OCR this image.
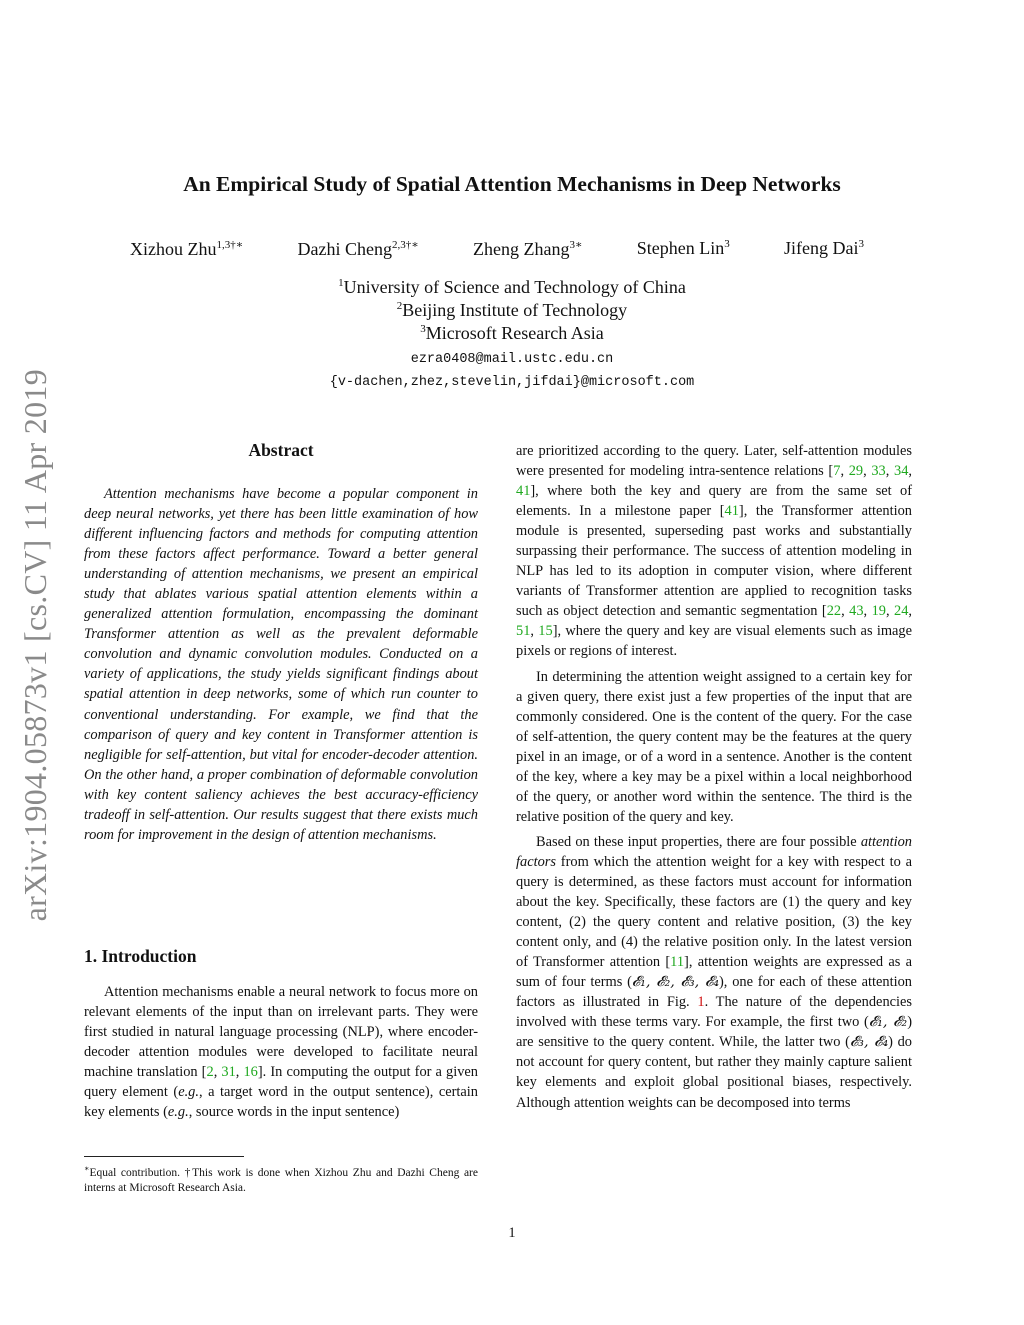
arXiv:1904.05873v1 [cs.CV] 11 Apr 2019
An Empirical Study of Spatial Attention Mechanisms in Deep Networks
Xizhou Zhu$^{1,3\dagger∗}$	Dazhi Cheng$^{2,3\dagger∗}$	Zheng Zhang$^{3∗}$	Stephen Lin$^3$	Jifeng Dai$^3$
$^1$University of Science and Technology of China
$^2$Beijing Institute of Technology
$^3$Microsoft Research Asia
ezra0408@mail.ustc.edu.cn
{v-dachen,zhez,stevelin,jifdai}@microsoft.com
Abstract

Attention mechanisms have become a popular component in deep neural networks, yet there has been little examination of how different influencing factors and methods for computing attention from these factors affect performance. Toward a better general understanding of attention mechanisms, we present an empirical study that ablates various spatial attention elements within a generalized attention formulation, encompassing the dominant Transformer attention as well as the prevalent deformable convolution and dynamic convolution modules. Conducted on a variety of applications, the study yields significant findings about spatial attention in deep networks, some of which run counter to conventional understanding. For example, we find that the comparison of query and key content in Transformer attention is negligible for self-attention, but vital for encoder-decoder attention. On the other hand, a proper combination of deformable convolution with key content saliency achieves the best accuracy-efficiency tradeoff in self-attention. Our results suggest that there exists much room for improvement in the design of attention mechanisms.

1. Introduction

Attention mechanisms enable a neural network to focus more on relevant elements of the input than on irrelevant parts. They were first studied in natural language processing (NLP), where encoder-decoder attention modules were developed to facilitate neural machine translation [2, 31, 16]. In computing the output for a given query element (e.g., a target word in the output sentence), certain key elements (e.g., source words in the input sentence)

∗Equal contribution. †This work is done when Xizhou Zhu and Dazhi Cheng are interns at Microsoft Research Asia.

are prioritized according to the query. Later, self-attention modules were presented for modeling intra-sentence relations [7, 29, 33, 34, 41], where both the key and query are from the same set of elements. In a milestone paper [41], the Transformer attention module is presented, superseding past works and substantially surpassing their performance. The success of attention modeling in NLP has led to its adoption in computer vision, where different variants of Transformer attention are applied to recognition tasks such as object detection and semantic segmentation [22, 43, 19, 24, 51, 15], where the query and key are visual elements such as image pixels or regions of interest.

In determining the attention weight assigned to a certain key for a given query, there exist just a few properties of the input that are commonly considered. One is the content of the query. For the case of self-attention, the query content may be the features at the query pixel in an image, or of a word in a sentence. Another is the content of the key, where a key may be a pixel within a local neighborhood of the query, or another word within the sentence. The third is the relative position of the query and key.

Based on these input properties, there are four possible attention factors from which the attention weight for a key with respect to a query is determined, as these factors must account for information about the key. Specifically, these factors are (1) the query and key content, (2) the query content and relative position, (3) the key content only, and (4) the relative position only. In the latest version of Transformer attention [11], attention weights are expressed as a sum of four terms (𝓔₁, 𝓔₂, 𝓔₃, 𝓔₄), one for each of these attention factors as illustrated in Fig. 1. The nature of the dependencies involved with these terms vary. For example, the first two (𝓔₁, 𝓔₂) are sensitive to the query content. While, the latter two (𝓔₃, 𝓔₄) do not account for query content, but rather they mainly capture salient key elements and exploit global positional biases, respectively. Although attention weights can be decomposed into terms

1
